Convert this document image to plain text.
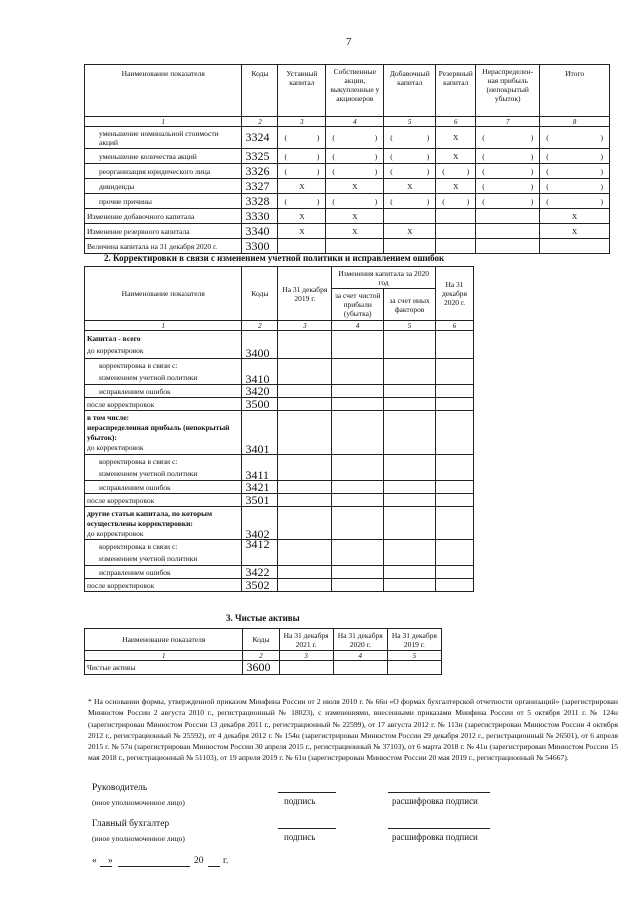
7
Наименование показателя	Коды	Уставный капитал	Собственные акции, выкупленные у акционеров	Добавочный капитал	Резервный капитал	Нераспределен-ная прибыль (непокрытый убыток)	Итого
1	2	3	4	5	6	7	8
уменьшение номинальной стоимости акций	3324	( )	( )	( )	X	( )	( )

уменьшение количества акций	3325	( )	( )	( )	X	( )	( )

реорганизация юридического лица	3326	( )	( )	( )	( )	( )	( )

дивиденды	3327	X	X	X	X	( )	( )

прочие причины	3328	( )	( )	( )	( )	( )	( )

Изменение добавочного капитала	3330	X	X				X
Изменение резервного капитала	3340	X	X	X			X
Величина капитала на 31 декабря 2020 г.	3300						
2. Корректировки в связи с изменением учетной политики и исправлением ошибок
Наименование показателя	Коды	На 31 декабря 2019 г.	Изменения капитала за 2020 год		На 31 декабря 2020 г.
			за счет чистой прибыли (убытка)	за счет иных факторов	
1	2	3	4	5	6
Капитал - всего
до корректировок	3400				
корректировка в связи с:
изменением учетной политики	3410				
исправлением ошибок	3420				
после корректировок	3500				
в том числе:
нераспределенная прибыль (непокрытый убыток):
до корректировок	3401				
корректировка в связи с:
изменением учетной политики	3411				
исправлением ошибок	3421				
после корректировок	3501				
другие статьи капитала, по которым осуществлены корректировки:
до корректировок	3402				
корректировка в связи с:
изменением учетной политики	3412				
исправлением ошибок	3422				
после корректировок	3502				
3. Чистые активы
Наименование показателя	Коды	На 31 декабря 2021 г.	На 31 декабря 2020 г.	На 31 декабря 2019 г.
1	2	3	4	5
Чистые активы	3600			
* На основании формы, утвержденной приказом Минфина России от 2 июля 2010 г. № 66н «О формах бухгалтерской отчетности организаций» (зарегистрирован Минюстом России 2 августа 2010 г., регистрационный № 18023), с изменениями, внесенными приказами Минфина России от 5 октября 2011 г. № 124н (зарегистрирован Минюстом России 13 декабря 2011 г., регистрационный № 22599), от 17 августа 2012 г. № 113н (зарегистрирован Минюстом России 4 октября 2012 г., регистрационный № 25592), от 4 декабря 2012 г. № 154н (зарегистрирован Минюстом России 29 декабря 2012 г., регистрационный № 26501), от 6 апреля 2015 г. № 57н (зарегистрирован Минюстом России 30 апреля 2015 г., регистрационный № 37103), от 6 марта 2018 г. № 41н (зарегистрирован Минюстом России 15 мая 2018 г., регистрационный № 51103), от 19 апреля 2019 г. № 61н (зарегистрирован Минюстом России 20 мая 2019 г., регистрационный № 54667).
Руководитель
(иное уполномоченное лицо)	подпись	расшифровка подписи
Главный бухгалтер
(иное уполномоченное лицо)	подпись	расшифровка подписи
« »	20 г.
